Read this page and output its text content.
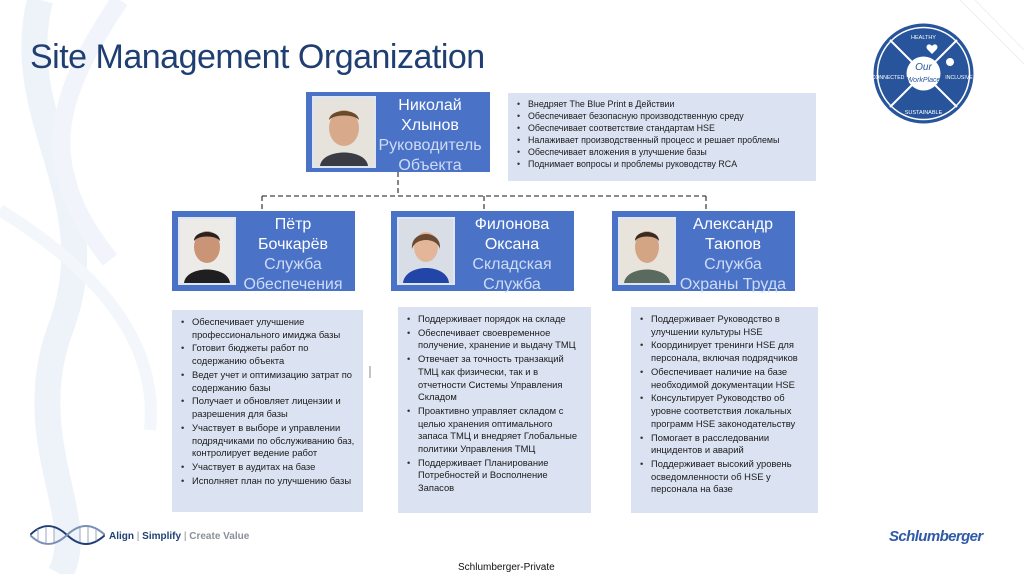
Site Management Organization	Our
WorkPlace
HEALTHY
CONNECTED	INCLUSIVE
SUSTAINABLE
Николай
Хлынов
Руководитель
Объекта
• Внедряет The Blue Print в Действии
• Обеспечивает безопасную производственную среду
• Обеспечивает соответствие стандартам HSE
• Налаживает производственный процесс и решает проблемы
• Обеспечивает вложения в улучшение базы
• Поднимает вопросы и проблемы руководству RCA
Пётр
Бочкарёв
Служба
Обеспечения
• Обеспечивает улучшение профессионального имиджа базы
• Готовит бюджеты работ по содержанию объекта
• Ведет учет и оптимизацию затрат по содержанию базы
• Получает и обновляет лицензии и разрешения для базы
• Участвует в выборе и управлении подрядчиками по обслуживанию баз, контролирует ведение работ
• Участвует в аудитах на базе
• Исполняет план по улучшению базы
Филонова
Оксана
Складская
Служба
• Поддерживает порядок на складе
• Обеспечивает своевременное получение, хранение и выдачу ТМЦ
• Отвечает за точность транзакций ТМЦ как физически, так и в отчетности Системы Управления Складом
• Проактивно управляет складом с целью хранения оптимального запаса ТМЦ и внедряет Глобальные политики Управления ТМЦ
• Поддерживает Планирование Потребностей и Восполнение Запасов
Александр
Таюпов
Служба
Охраны Труда
• Поддерживает Руководство в улучшении культуры HSE
• Координирует тренинги HSE для персонала, включая подрядчиков
• Обеспечивает наличие на базе необходимой документации HSE
• Консультирует Руководство об уровне соответствия локальных программ HSE законодательству
• Помогает в расследовании инцидентов и аварий
• Поддерживает высокий уровень осведомленности об HSE у персонала на базе
Align | Simplify | Create Value	Schlumberger
Schlumberger-Private
